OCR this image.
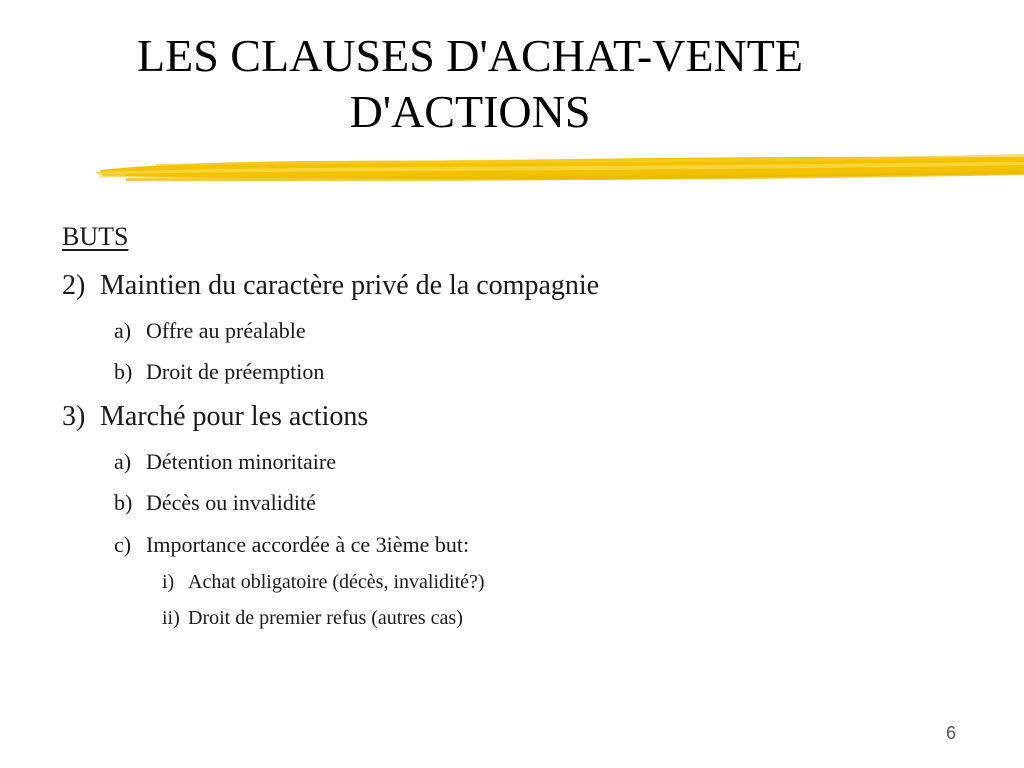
LES CLAUSES D'ACHAT-VENTE
D'ACTIONS
BUTS
2) Maintien du caractère privé de la compagnie
a) Offre au préalable
b) Droit de préemption
3) Marché pour les actions
a) Détention minoritaire
b) Décès ou invalidité
c) Importance accordée à ce 3ième but:
i) Achat obligatoire (décès, invalidité?)
ii) Droit de premier refus (autres cas)
6
